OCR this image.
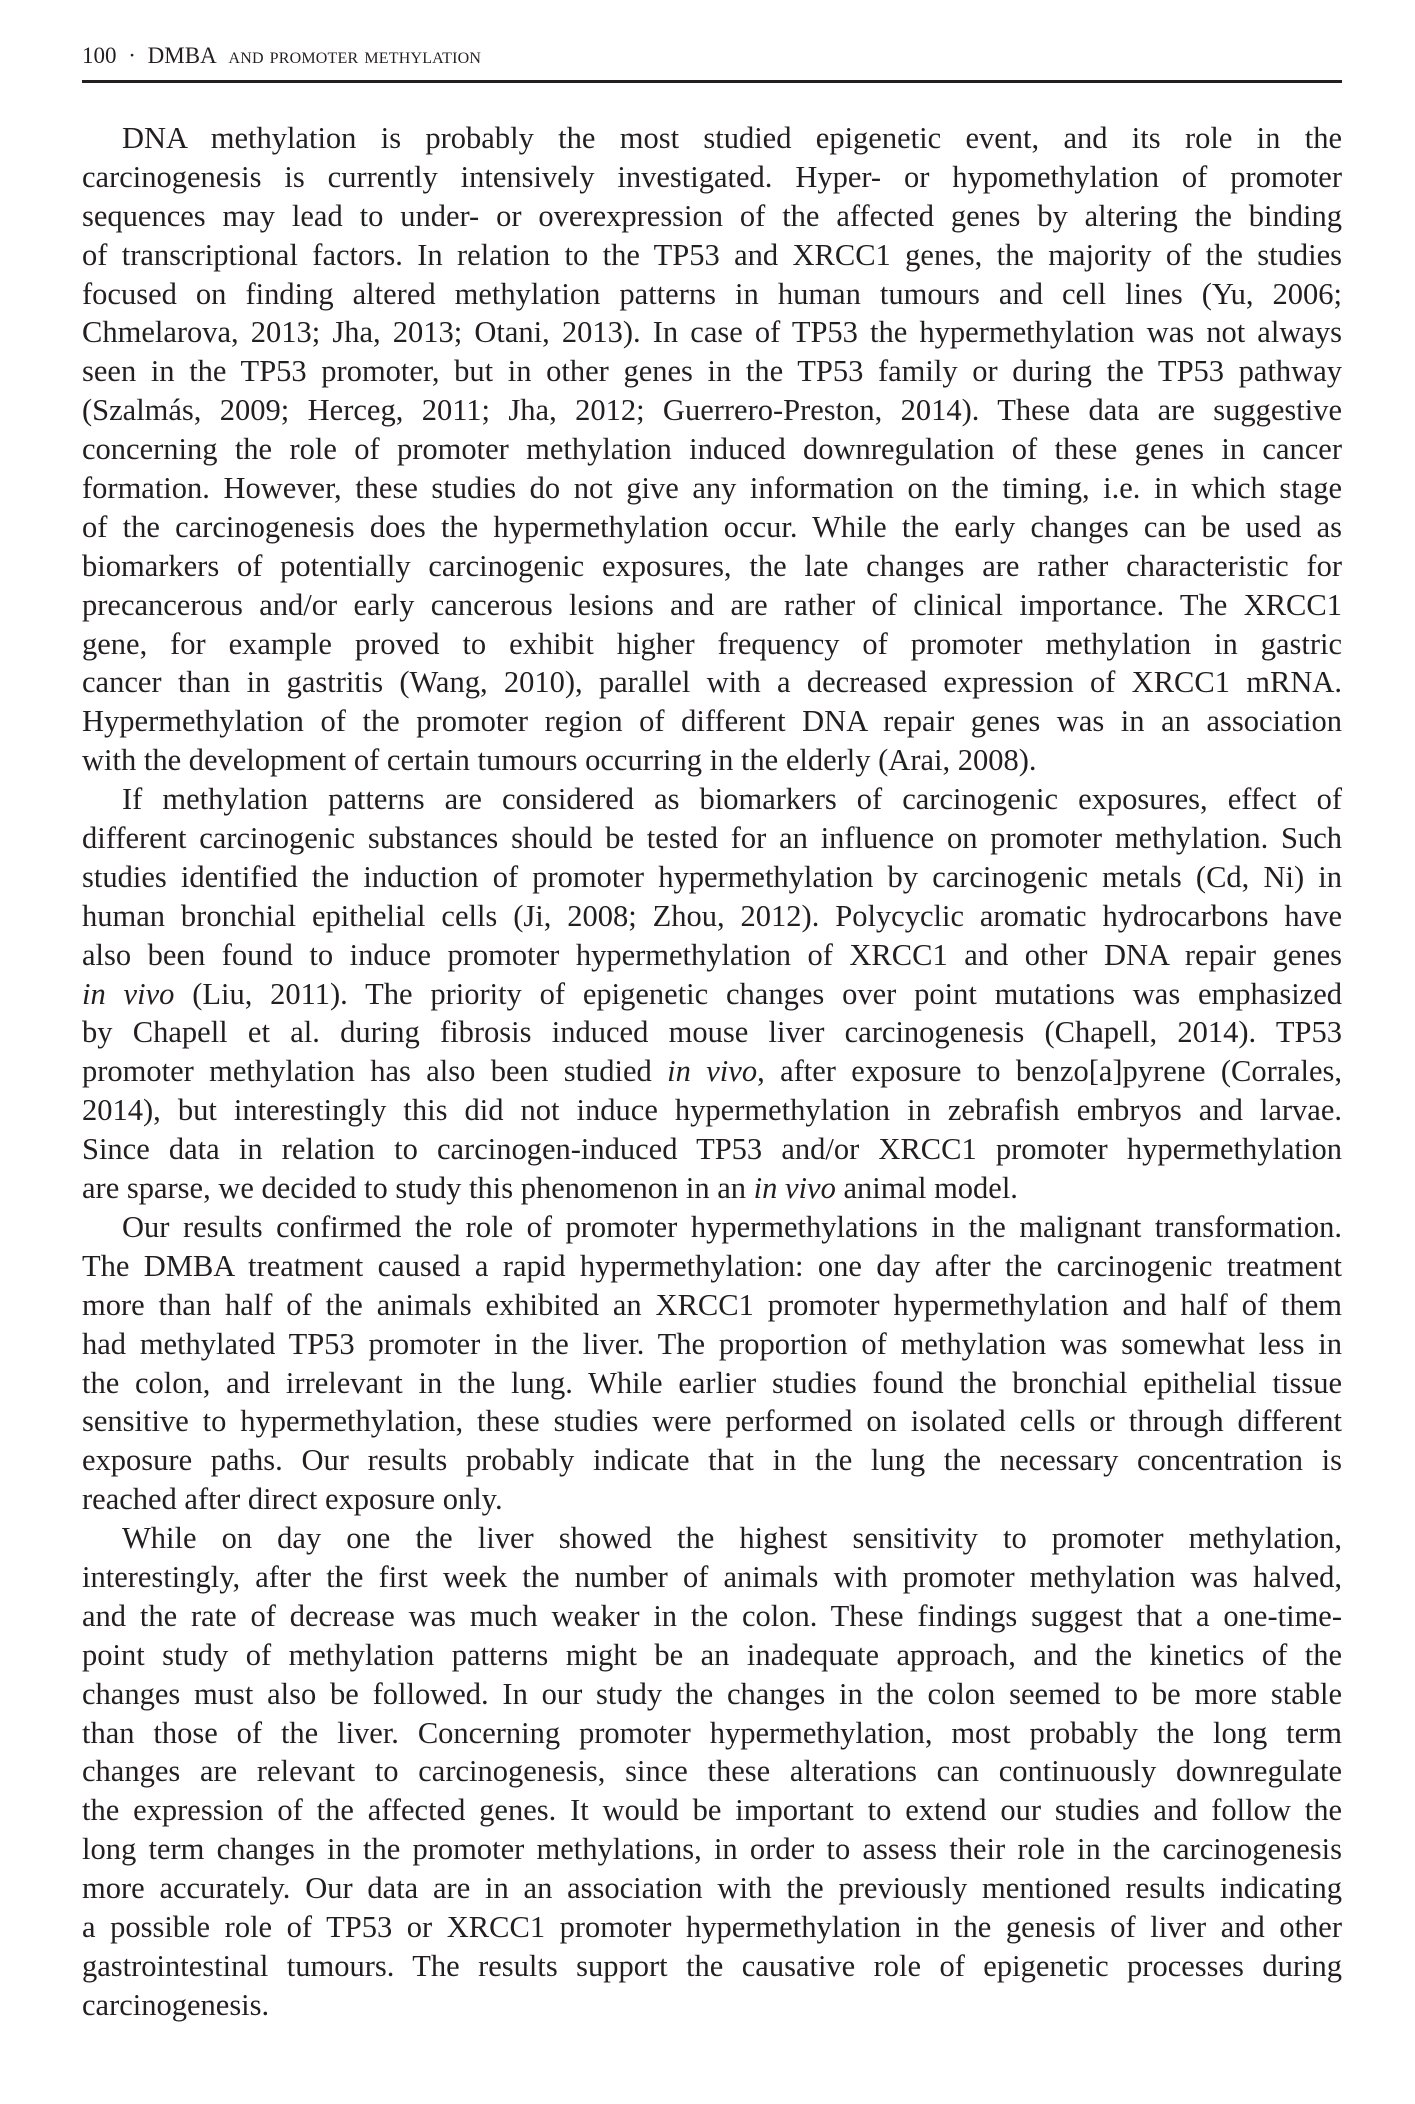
100 · DMBA and promoter methylation
DNA methylation is probably the most studied epigenetic event, and its role in the
carcinogenesis is currently intensively investigated. Hyper- or hypomethylation of promoter
sequences may lead to under- or overexpression of the affected genes by altering the binding
of transcriptional factors. In relation to the TP53 and XRCC1 genes, the majority of the studies
focused on finding altered methylation patterns in human tumours and cell lines (Yu, 2006;
Chmelarova, 2013; Jha, 2013; Otani, 2013). In case of TP53 the hypermethylation was not always
seen in the TP53 promoter, but in other genes in the TP53 family or during the TP53 pathway
(Szalmás, 2009; Herceg, 2011; Jha, 2012; Guerrero-Preston, 2014). These data are suggestive
concerning the role of promoter methylation induced downregulation of these genes in cancer
formation. However, these studies do not give any information on the timing, i.e. in which stage
of the carcinogenesis does the hypermethylation occur. While the early changes can be used as
biomarkers of potentially carcinogenic exposures, the late changes are rather characteristic for
precancerous and/or early cancerous lesions and are rather of clinical importance. The XRCC1
gene, for example proved to exhibit higher frequency of promoter methylation in gastric
cancer than in gastritis (Wang, 2010), parallel with a decreased expression of XRCC1 mRNA.
Hypermethylation of the promoter region of different DNA repair genes was in an association
with the development of certain tumours occurring in the elderly (Arai, 2008).
If methylation patterns are considered as biomarkers of carcinogenic exposures, effect of
different carcinogenic substances should be tested for an influence on promoter methylation. Such
studies identified the induction of promoter hypermethylation by carcinogenic metals (Cd, Ni) in
human bronchial epithelial cells (Ji, 2008; Zhou, 2012). Polycyclic aromatic hydrocarbons have
also been found to induce promoter hypermethylation of XRCC1 and other DNA repair genes
in vivo (Liu, 2011). The priority of epigenetic changes over point mutations was emphasized
by Chapell et al. during fibrosis induced mouse liver carcinogenesis (Chapell, 2014). TP53
promoter methylation has also been studied in vivo, after exposure to benzo[a]pyrene (Corrales,
2014), but interestingly this did not induce hypermethylation in zebrafish embryos and larvae.
Since data in relation to carcinogen-induced TP53 and/or XRCC1 promoter hypermethylation
are sparse, we decided to study this phenomenon in an in vivo animal model.
Our results confirmed the role of promoter hypermethylations in the malignant transformation.
The DMBA treatment caused a rapid hypermethylation: one day after the carcinogenic treatment
more than half of the animals exhibited an XRCC1 promoter hypermethylation and half of them
had methylated TP53 promoter in the liver. The proportion of methylation was somewhat less in
the colon, and irrelevant in the lung. While earlier studies found the bronchial epithelial tissue
sensitive to hypermethylation, these studies were performed on isolated cells or through different
exposure paths. Our results probably indicate that in the lung the necessary concentration is
reached after direct exposure only.
While on day one the liver showed the highest sensitivity to promoter methylation,
interestingly, after the first week the number of animals with promoter methylation was halved,
and the rate of decrease was much weaker in the colon. These findings suggest that a one-time-
point study of methylation patterns might be an inadequate approach, and the kinetics of the
changes must also be followed. In our study the changes in the colon seemed to be more stable
than those of the liver. Concerning promoter hypermethylation, most probably the long term
changes are relevant to carcinogenesis, since these alterations can continuously downregulate
the expression of the affected genes. It would be important to extend our studies and follow the
long term changes in the promoter methylations, in order to assess their role in the carcinogenesis
more accurately. Our data are in an association with the previously mentioned results indicating
a possible role of TP53 or XRCC1 promoter hypermethylation in the genesis of liver and other
gastrointestinal tumours. The results support the causative role of epigenetic processes during
carcinogenesis.
